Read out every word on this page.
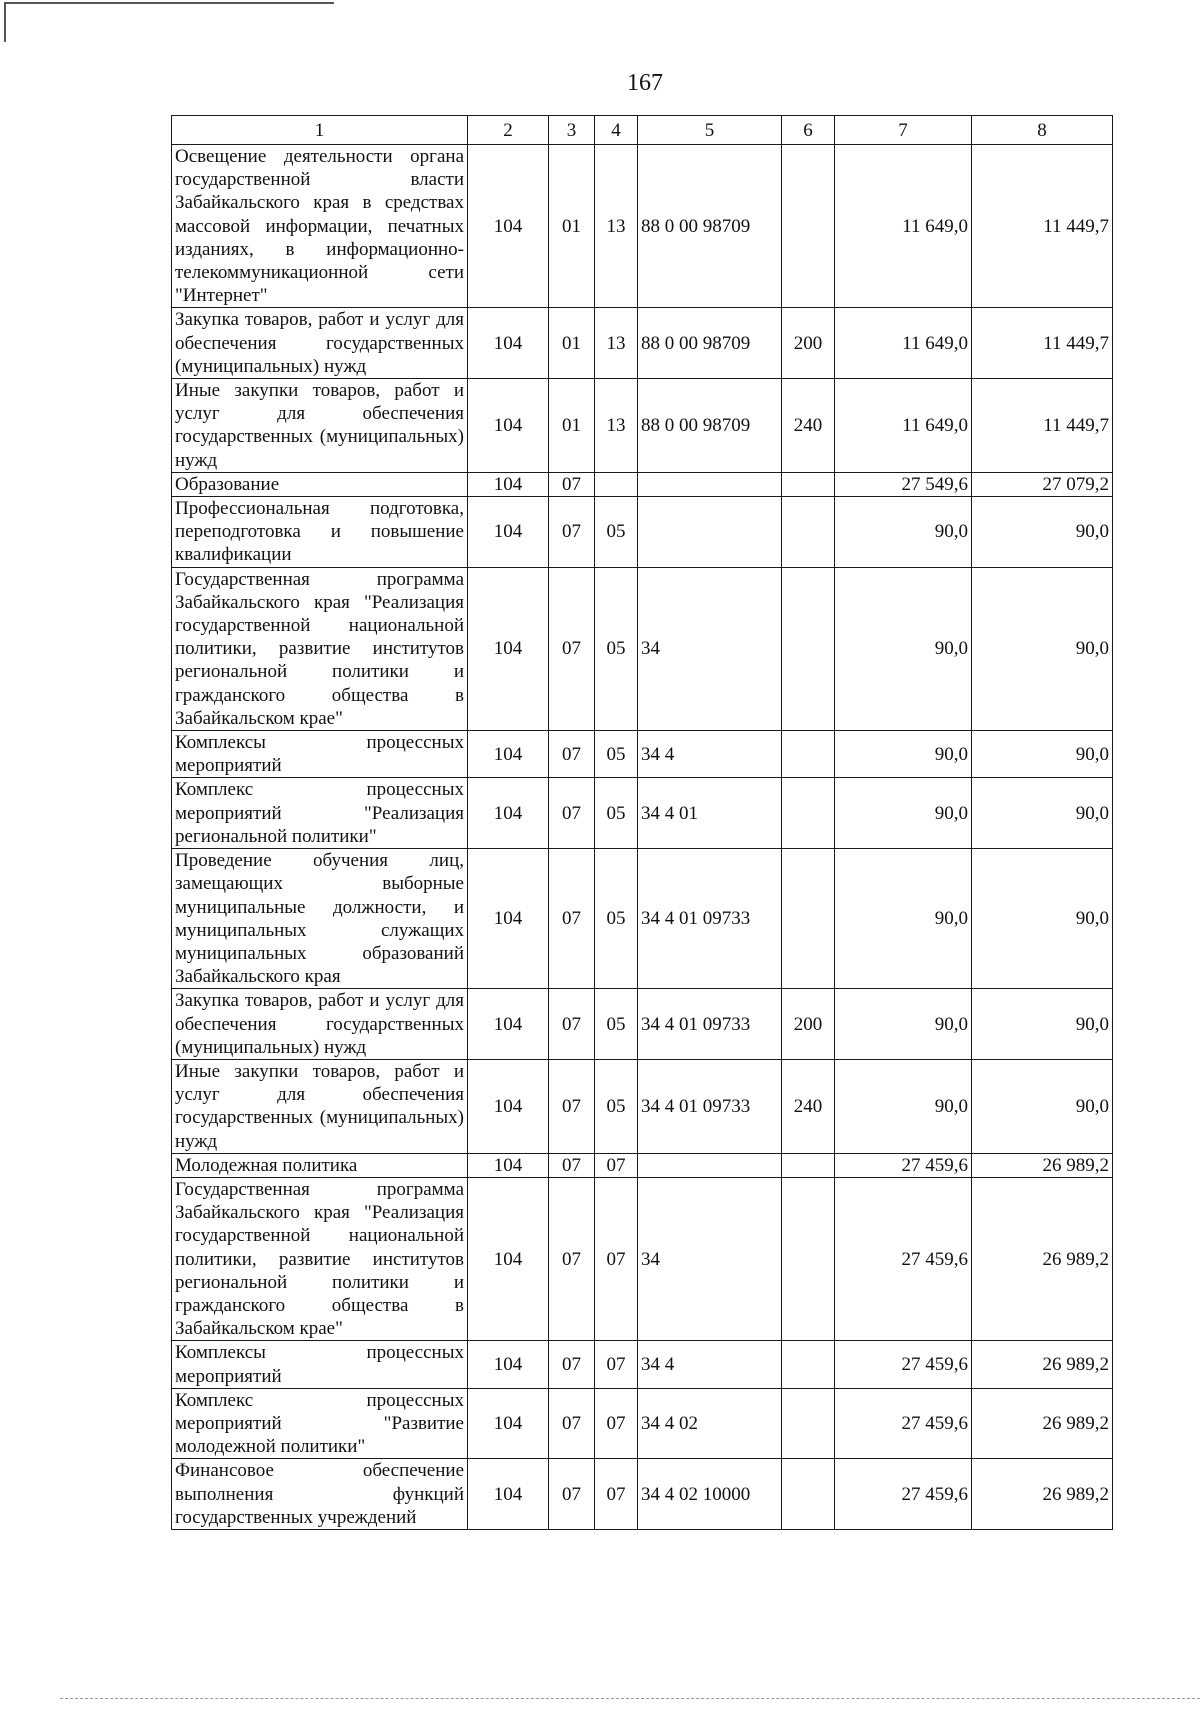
167
1	2	3	4	5	6	7	8
Освещение деятельности органа государственной власти Забайкальского края в средствах массовой информации, печатных изданиях, в информационно-телекоммуникационной сети "Интернет"	104	01	13	88 0 00 98709		11 649,0	11 449,7
Закупка товаров, работ и услуг для обеспечения государственных (муниципальных) нужд	104	01	13	88 0 00 98709	200	11 649,0	11 449,7
Иные закупки товаров, работ и услуг для обеспечения государственных (муниципальных) нужд	104	01	13	88 0 00 98709	240	11 649,0	11 449,7
Образование	104	07				27 549,6	27 079,2
Профессиональная подготовка, переподготовка и повышение квалификации	104	07	05			90,0	90,0
Государственная программа Забайкальского края "Реализация государственной национальной политики, развитие институтов региональной политики и гражданского общества в Забайкальском крае"	104	07	05	34		90,0	90,0
Комплексы процессных мероприятий	104	07	05	34 4		90,0	90,0
Комплекс процессных мероприятий "Реализация региональной политики"	104	07	05	34 4 01		90,0	90,0
Проведение обучения лиц, замещающих выборные муниципальные должности, и муниципальных служащих муниципальных образований Забайкальского края	104	07	05	34 4 01 09733		90,0	90,0
Закупка товаров, работ и услуг для обеспечения государственных (муниципальных) нужд	104	07	05	34 4 01 09733	200	90,0	90,0
Иные закупки товаров, работ и услуг для обеспечения государственных (муниципальных) нужд	104	07	05	34 4 01 09733	240	90,0	90,0
Молодежная политика	104	07	07			27 459,6	26 989,2
Государственная программа Забайкальского края "Реализация государственной национальной политики, развитие институтов региональной политики и гражданского общества в Забайкальском крае"	104	07	07	34		27 459,6	26 989,2
Комплексы процессных мероприятий	104	07	07	34 4		27 459,6	26 989,2
Комплекс процессных мероприятий "Развитие молодежной политики"	104	07	07	34 4 02		27 459,6	26 989,2
Финансовое обеспечение выполнения функций государственных учреждений	104	07	07	34 4 02 10000		27 459,6	26 989,2
